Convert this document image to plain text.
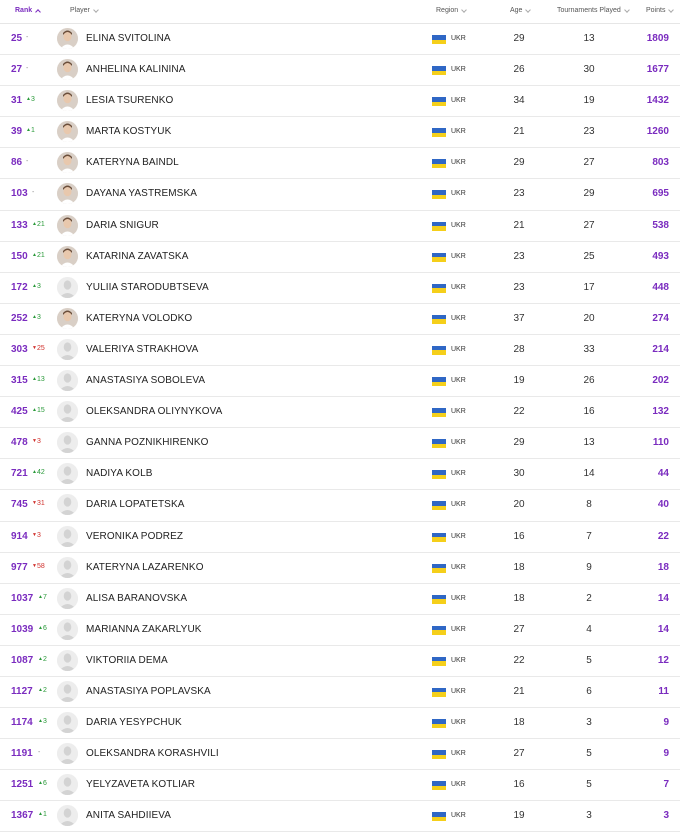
Rank	Player	Region	Age	Tournaments Played	Points
25 -	ELINA SVITOLINA	UKR	29	13	1809
27 -	ANHELINA KALININA	UKR	26	30	1677
31 ▲3	LESIA TSURENKO	UKR	34	19	1432
39 ▲1	MARTA KOSTYUK	UKR	21	23	1260
86 -	KATERYNA BAINDL	UKR	29	27	803
103 -	DAYANA YASTREMSKA	UKR	23	29	695
133 ▲21	DARIA SNIGUR	UKR	21	27	538
150 ▲21	KATARINA ZAVATSKA	UKR	23	25	493
172 ▲3	YULIIA STARODUBTSEVA	UKR	23	17	448
252 ▲3	KATERYNA VOLODKO	UKR	37	20	274
303 ▼25	VALERIYA STRAKHOVA	UKR	28	33	214
315 ▲13	ANASTASIYA SOBOLEVA	UKR	19	26	202
425 ▲15	OLEKSANDRA OLIYNYKOVA	UKR	22	16	132
478 ▼3	GANNA POZNIKHIRENKO	UKR	29	13	110
721 ▲42	NADIYA KOLB	UKR	30	14	44
745 ▼31	DARIA LOPATETSKA	UKR	20	8	40
914 ▼3	VERONIKA PODREZ	UKR	16	7	22
977 ▼58	KATERYNA LAZARENKO	UKR	18	9	18
1037 ▲7	ALISA BARANOVSKA	UKR	18	2	14
1039 ▲6	MARIANNA ZAKARLYUK	UKR	27	4	14
1087 ▲2	VIKTORIIA DEMA	UKR	22	5	12
1127 ▲2	ANASTASIYA POPLAVSKA	UKR	21	6	11
1174 ▲3	DARIA YESYPCHUK	UKR	18	3	9
1191 -	OLEKSANDRA KORASHVILI	UKR	27	5	9
1251 ▲6	YELYZAVETA KOTLIAR	UKR	16	5	7
1367 ▲1	ANITA SAHDIIEVA	UKR	19	3	3
